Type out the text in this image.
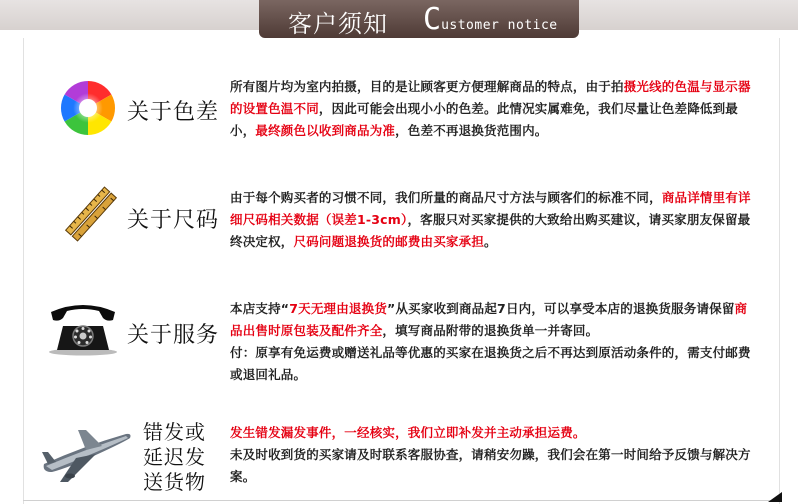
客户须知 Customer notice
关于色差
所有图片均为室内拍摄，目的是让顾客更方便理解商品的特点，由于拍摄光线的色温与显示器的设置色温不同，因此可能会出现小小的色差。此情况实属难免，我们尽量让色差降低到最小，最终颜色以收到商品为准，色差不再退换货范围内。
关于尺码
由于每个购买者的习惯不同，我们所量的商品尺寸方法与顾客们的标准不同，商品详情里有详细尺码相关数据（误差1-3cm），客服只对买家提供的大致给出购买建议，请买家朋友保留最终决定权，尺码问题退换货的邮费由买家承担。
关于服务
本店支持“7天无理由退换货”从买家收到商品起7日内，可以享受本店的退换货服务请保留商品出售时原包装及配件齐全，填写商品附带的退换货单一并寄回。
付：原享有免运费或赠送礼品等优惠的买家在退换货之后不再达到原活动条件的，需支付邮费或退回礼品。
错发或
延迟发
送货物
发生错发漏发事件，一经核实，我们立即补发并主动承担运费。
未及时收到货的买家请及时联系客服协查，请稍安勿躁，我们会在第一时间给予反馈与解决方案。
